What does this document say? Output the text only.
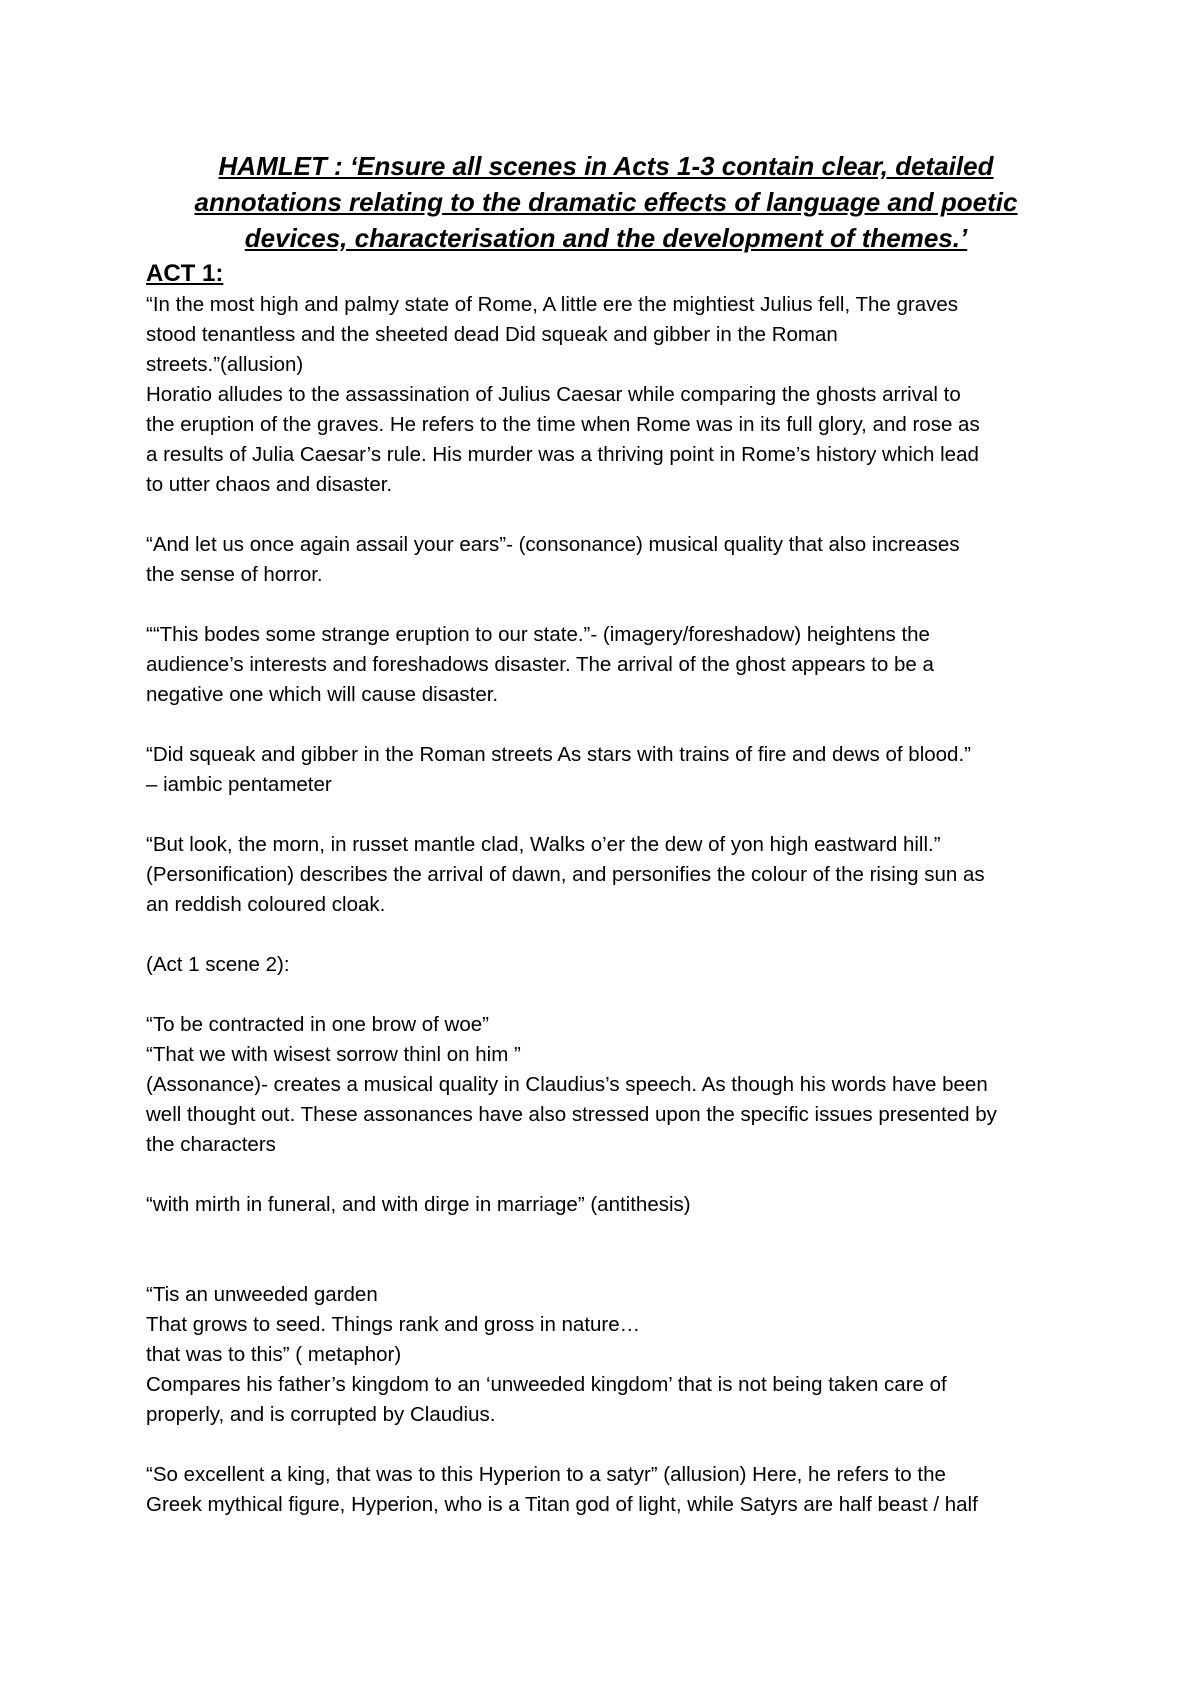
HAMLET : ‘Ensure all scenes in Acts 1-3 contain clear, detailed annotations relating to the dramatic effects of language and poetic devices, characterisation and the development of themes.’
ACT 1:
“In the most high and palmy state of Rome, A little ere the mightiest Julius fell, The graves
stood tenantless and the sheeted dead Did squeak and gibber in the Roman
streets.”(allusion)
Horatio alludes to the assassination of Julius Caesar while comparing the ghosts arrival to
the eruption of the graves. He refers to the time when Rome was in its full glory, and rose as
a results of Julia Caesar’s rule. His murder was a thriving point in Rome’s history which lead
to utter chaos and disaster.
“And let us once again assail your ears”- (consonance) musical quality that also increases
the sense of horror.
““This bodes some strange eruption to our state.”- (imagery/foreshadow) heightens the
audience’s interests and foreshadows disaster. The arrival of the ghost appears to be a
negative one which will cause disaster.
“Did squeak and gibber in the Roman streets As stars with trains of fire and dews of blood.”
– iambic pentameter
“But look, the morn, in russet mantle clad, Walks o’er the dew of yon high eastward hill.”
(Personification) describes the arrival of dawn, and personifies the colour of the rising sun as
an reddish coloured cloak.
(Act 1 scene 2):
“To be contracted in one brow of woe”
“That we with wisest sorrow thinl on him ”
(Assonance)- creates a musical quality in Claudius’s speech. As though his words have been
well thought out. These assonances have also stressed upon the specific issues presented by
the characters
“with mirth in funeral, and with dirge in marriage” (antithesis)
“Tis an unweeded garden
That grows to seed. Things rank and gross in nature…
that was to this” ( metaphor)
Compares his father’s kingdom to an ‘unweeded kingdom’ that is not being taken care of
properly, and is corrupted by Claudius.
“So excellent a king, that was to this Hyperion to a satyr” (allusion) Here, he refers to the
Greek mythical figure, Hyperion, who is a Titan god of light, while Satyrs are half beast / half
